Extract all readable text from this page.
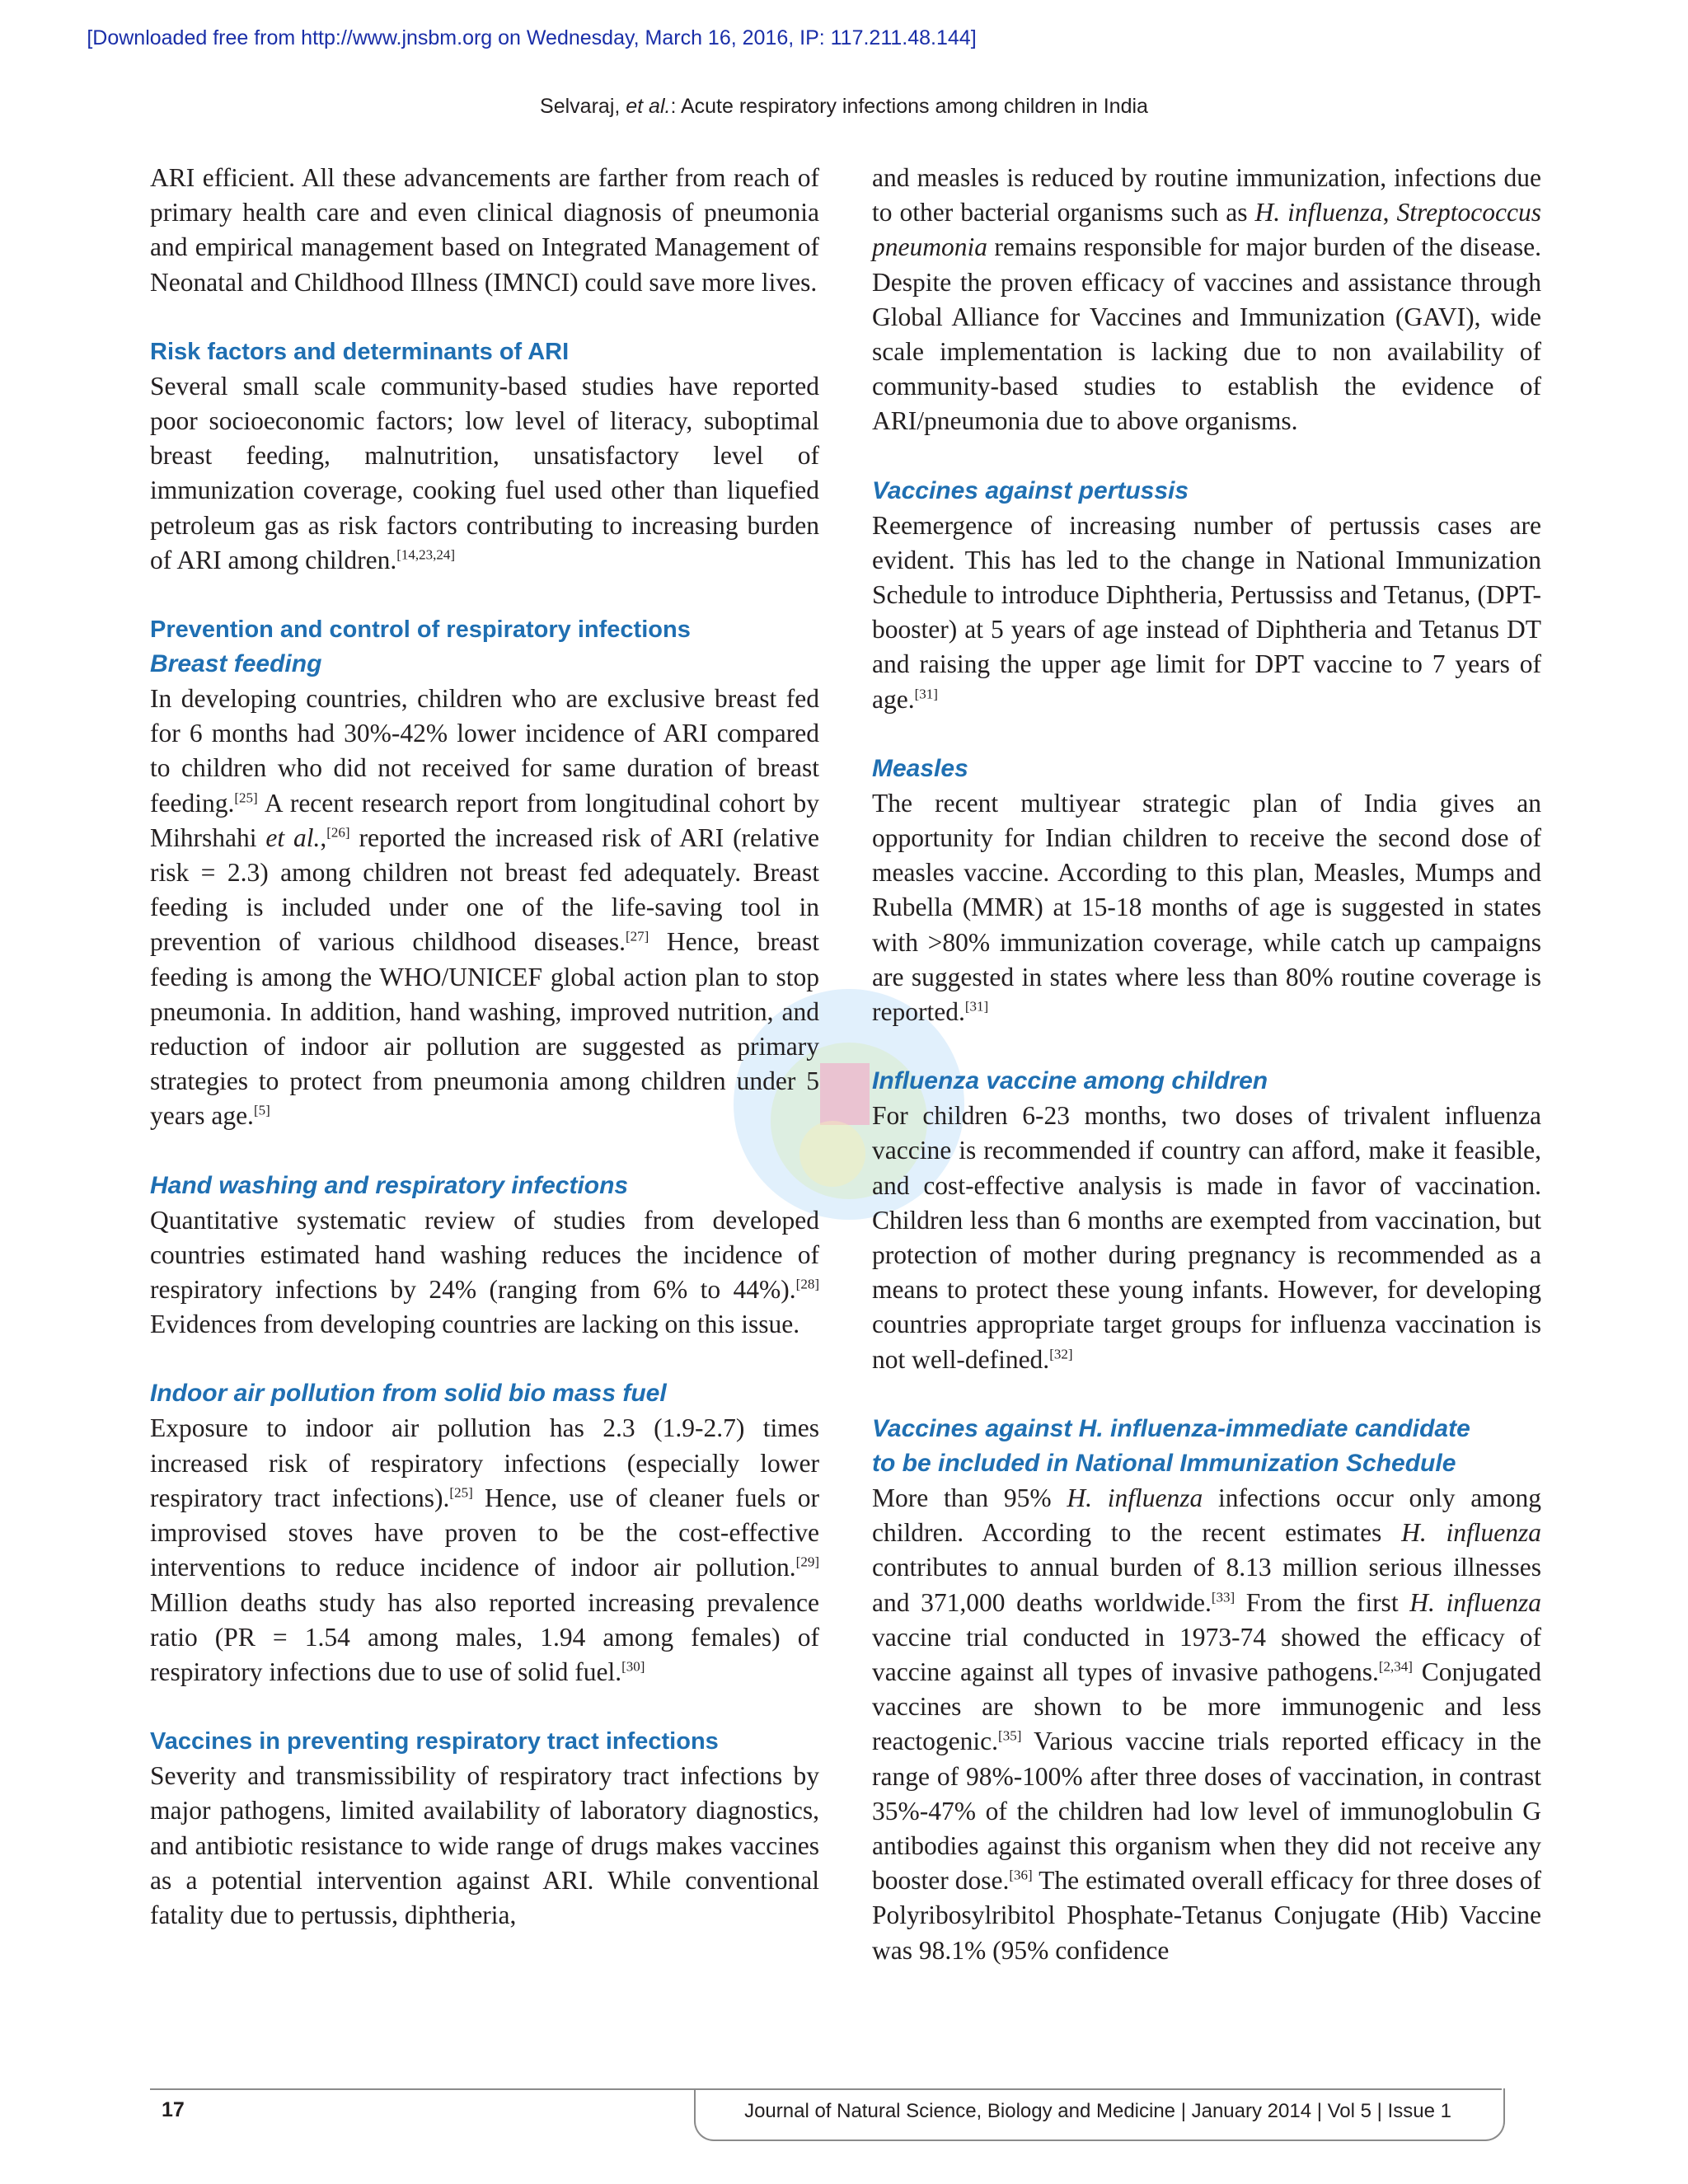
[Downloaded free from http://www.jnsbm.org on Wednesday, March 16, 2016, IP: 117.211.48.144]
Selvaraj, et al.: Acute respiratory infections among children in India

ARI efficient. All these advancements are farther from reach of primary health care and even clinical diagnosis of pneumonia and empirical management based on Integrated Management of Neonatal and Childhood Illness (IMNCI) could save more lives.

Risk factors and determinants of ARI

Several small scale community-based studies have reported poor socioeconomic factors; low level of literacy, suboptimal breast feeding, malnutrition, unsatisfactory level of immunization coverage, cooking fuel used other than liquefied petroleum gas as risk factors contributing to increasing burden of ARI among children.[14,23,24]

Prevention and control of respiratory infections
Breast feeding

In developing countries, children who are exclusive breast fed for 6 months had 30%-42% lower incidence of ARI compared to children who did not received for same duration of breast feeding.[25] A recent research report from longitudinal cohort by Mihrshahi et al.,[26] reported the increased risk of ARI (relative risk = 2.3) among children not breast fed adequately. Breast feeding is included under one of the life-saving tool in prevention of various childhood diseases.[27] Hence, breast feeding is among the WHO/UNICEF global action plan to stop pneumonia. In addition, hand washing, improved nutrition, and reduction of indoor air pollution are suggested as primary strategies to protect from pneumonia among children under 5 years age.[5]

Hand washing and respiratory infections

Quantitative systematic review of studies from developed countries estimated hand washing reduces the incidence of respiratory infections by 24% (ranging from 6% to 44%).[28] Evidences from developing countries are lacking on this issue.

Indoor air pollution from solid bio mass fuel

Exposure to indoor air pollution has 2.3 (1.9-2.7) times increased risk of respiratory infections (especially lower respiratory tract infections).[25] Hence, use of cleaner fuels or improvised stoves have proven to be the cost-effective interventions to reduce incidence of indoor air pollution.[29] Million deaths study has also reported increasing prevalence ratio (PR = 1.54 among males, 1.94 among females) of respiratory infections due to use of solid fuel.[30]

Vaccines in preventing respiratory tract infections

Severity and transmissibility of respiratory tract infections by major pathogens, limited availability of laboratory diagnostics, and antibiotic resistance to wide range of drugs makes vaccines as a potential intervention against ARI. While conventional fatality due to pertussis, diphtheria,

and measles is reduced by routine immunization, infections due to other bacterial organisms such as H. influenza, Streptococcus pneumonia remains responsible for major burden of the disease. Despite the proven efficacy of vaccines and assistance through Global Alliance for Vaccines and Immunization (GAVI), wide scale implementation is lacking due to non availability of community-based studies to establish the evidence of ARI/pneumonia due to above organisms.

Vaccines against pertussis

Reemergence of increasing number of pertussis cases are evident. This has led to the change in National Immunization Schedule to introduce Diphtheria, Pertussiss and Tetanus, (DPT-booster) at 5 years of age instead of Diphtheria and Tetanus DT and raising the upper age limit for DPT vaccine to 7 years of age.[31]

Measles

The recent multiyear strategic plan of India gives an opportunity for Indian children to receive the second dose of measles vaccine. According to this plan, Measles, Mumps and Rubella (MMR) at 15-18 months of age is suggested in states with >80% immunization coverage, while catch up campaigns are suggested in states where less than 80% routine coverage is reported.[31]

Influenza vaccine among children

For children 6-23 months, two doses of trivalent influenza vaccine is recommended if country can afford, make it feasible, and cost-effective analysis is made in favor of vaccination. Children less than 6 months are exempted from vaccination, but protection of mother during pregnancy is recommended as a means to protect these young infants. However, for developing countries appropriate target groups for influenza vaccination is not well-defined.[32]

Vaccines against H. influenza-immediate candidate
to be included in National Immunization Schedule

More than 95% H. influenza infections occur only among children. According to the recent estimates H. influenza contributes to annual burden of 8.13 million serious illnesses and 371,000 deaths worldwide.[33] From the first H. influenza vaccine trial conducted in 1973-74 showed the efficacy of vaccine against all types of invasive pathogens.[2,34] Conjugated vaccines are shown to be more immunogenic and less reactogenic.[35] Various vaccine trials reported efficacy in the range of 98%-100% after three doses of vaccination, in contrast 35%-47% of the children had low level of immunoglobulin G antibodies against this organism when they did not receive any booster dose.[36] The estimated overall efficacy for three doses of Polyribosylribitol Phosphate-Tetanus Conjugate (Hib) Vaccine was 98.1% (95% confidence

17	Journal of Natural Science, Biology and Medicine | January 2014 | Vol 5 | Issue 1
